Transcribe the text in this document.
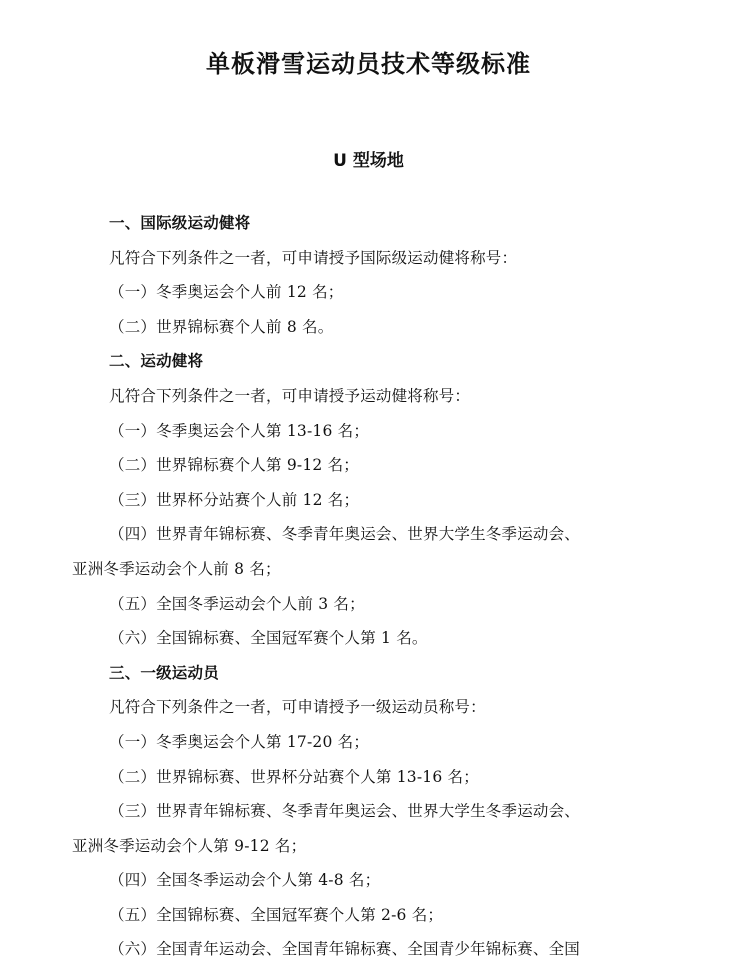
单板滑雪运动员技术等级标准
U 型场地
一、国际级运动健将
凡符合下列条件之一者，可申请授予国际级运动健将称号：
（一）冬季奥运会个人前 12 名；
（二）世界锦标赛个人前 8 名。
二、运动健将
凡符合下列条件之一者，可申请授予运动健将称号：
（一）冬季奥运会个人第 13-16 名；
（二）世界锦标赛个人第 9-12 名；
（三）世界杯分站赛个人前 12 名；
（四）世界青年锦标赛、冬季青年奥运会、世界大学生冬季运动会、
亚洲冬季运动会个人前 8 名；
（五）全国冬季运动会个人前 3 名；
（六）全国锦标赛、全国冠军赛个人第 1 名。
三、一级运动员
凡符合下列条件之一者，可申请授予一级运动员称号：
（一）冬季奥运会个人第 17-20 名；
（二）世界锦标赛、世界杯分站赛个人第 13-16 名；
（三）世界青年锦标赛、冬季青年奥运会、世界大学生冬季运动会、
亚洲冬季运动会个人第 9-12 名；
（四）全国冬季运动会个人第 4-8 名；
（五）全国锦标赛、全国冠军赛个人第 2-6 名；
（六）全国青年运动会、全国青年锦标赛、全国青少年锦标赛、全国
